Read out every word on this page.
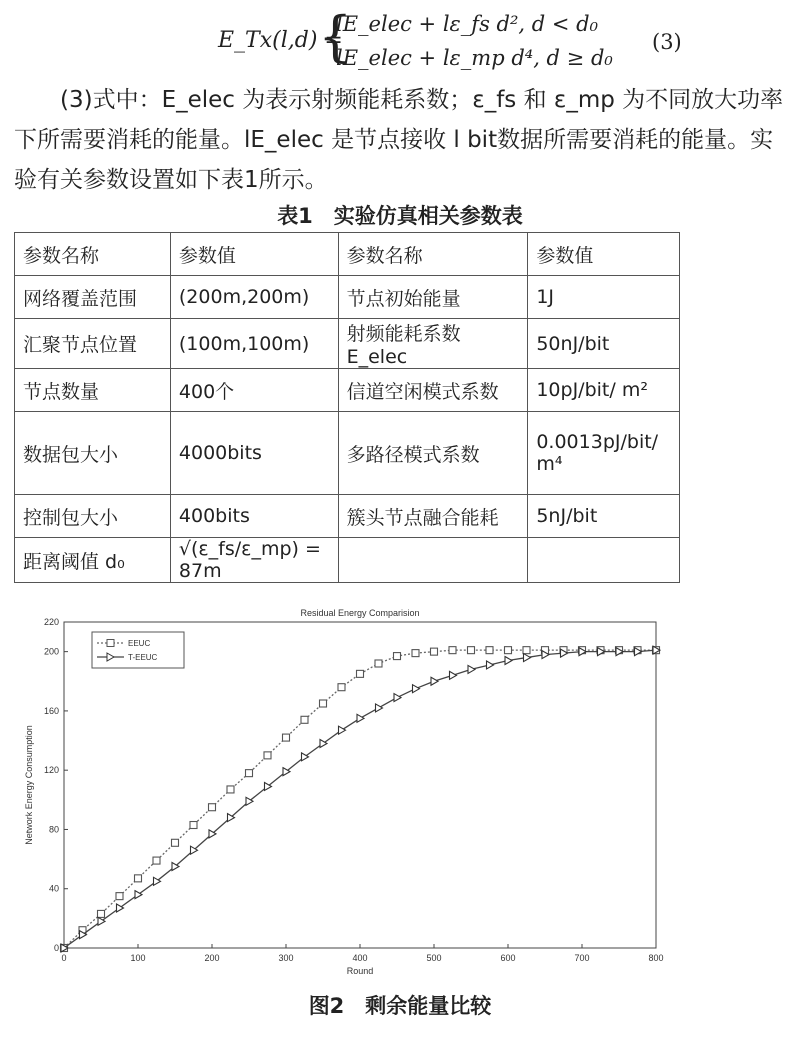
E_Tx(l,d) =
{
lE_elec + lε_fs d², d < d₀
lE_elec + lε_mp d⁴, d ≥ d₀
(3)
(3)式中：E_elec 为表示射频能耗系数；ε_fs 和 ε_mp 为不同放大功率下所需要消耗的能量。lE_elec 是节点接收 l bit数据所需要消耗的能量。实验有关参数设置如下表1所示。
表1　实验仿真相关参数表
参数名称	参数值	参数名称	参数值
网络覆盖范围	(200m,200m)	节点初始能量	1J
汇聚节点位置	(100m,100m)	射频能耗系数 E_elec	50nJ/bit
节点数量	400个	信道空闲模式系数	10pJ/bit/ m²
数据包大小	4000bits	多路径模式系数	0.0013pJ/bit/ m⁴
控制包大小	400bits	簇头节点融合能耗	5nJ/bit
距离阈值 d₀	√(ε_fs/ε_mp) = 87m		
Residual Energy Comparision
Round
Network Energy Consumption
0	100	200	300	400	500	600	700	800
0
40
80
120
160
200
220
EEUC
T-EEUC
图2　剩余能量比较
